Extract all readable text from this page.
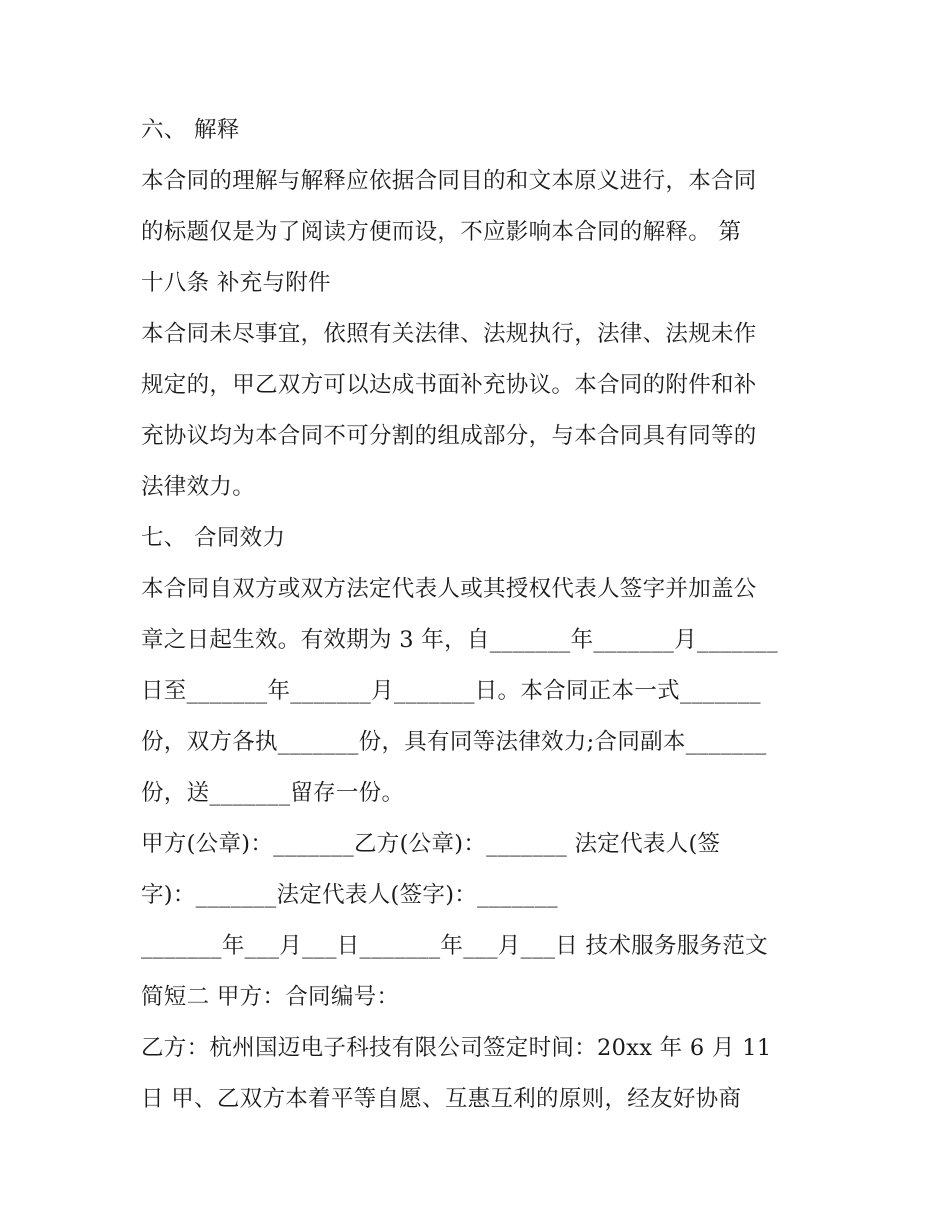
六、 解释
本合同的理解与解释应依据合同目的和文本原义进行，本合同
的标题仅是为了阅读方便而设，不应影响本合同的解释。 第
十八条 补充与附件
本合同未尽事宜，依照有关法律、法规执行，法律、法规未作
规定的，甲乙双方可以达成书面补充协议。本合同的附件和补
充协议均为本合同不可分割的组成部分，与本合同具有同等的
法律效力。
七、 合同效力
本合同自双方或双方法定代表人或其授权代表人签字并加盖公
章之日起生效。有效期为 3 年，自_______年_______月_______
日至_______年_______月_______日。本合同正本一式_______
份，双方各执_______份，具有同等法律效力;合同副本_______
份，送_______留存一份。
甲方(公章)：_______乙方(公章)：_______ 法定代表人(签
字)：_______法定代表人(签字)：_______
_______年___月___日_______年___月___日 技术服务服务范文
简短二 甲方：合同编号：
乙方：杭州国迈电子科技有限公司签定时间：20xx 年 6 月 11
日 甲、乙双方本着平等自愿、互惠互利的原则，经友好协商
